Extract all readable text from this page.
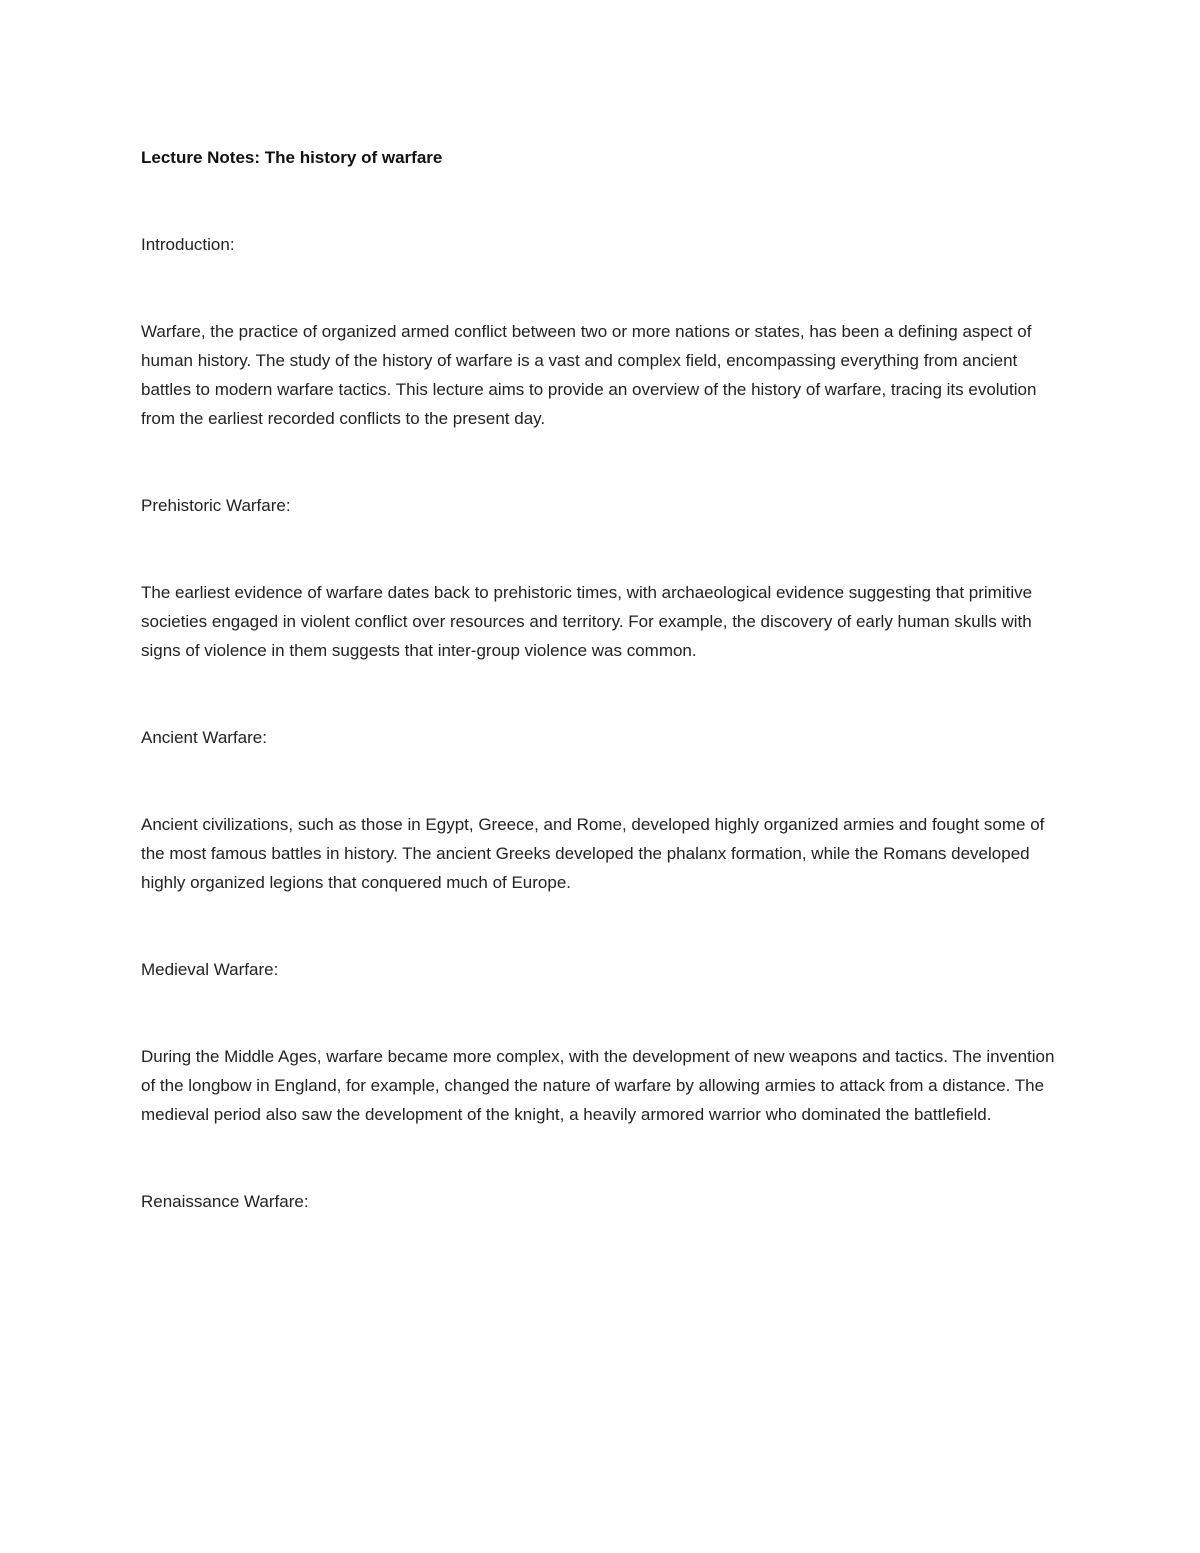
Lecture Notes: The history of warfare

Introduction:

Warfare, the practice of organized armed conflict between two or more nations or states, has been a defining aspect of human history. The study of the history of warfare is a vast and complex field, encompassing everything from ancient battles to modern warfare tactics. This lecture aims to provide an overview of the history of warfare, tracing its evolution from the earliest recorded conflicts to the present day.

Prehistoric Warfare:

The earliest evidence of warfare dates back to prehistoric times, with archaeological evidence suggesting that primitive societies engaged in violent conflict over resources and territory. For example, the discovery of early human skulls with signs of violence in them suggests that inter-group violence was common.

Ancient Warfare:

Ancient civilizations, such as those in Egypt, Greece, and Rome, developed highly organized armies and fought some of the most famous battles in history. The ancient Greeks developed the phalanx formation, while the Romans developed highly organized legions that conquered much of Europe.

Medieval Warfare:

During the Middle Ages, warfare became more complex, with the development of new weapons and tactics. The invention of the longbow in England, for example, changed the nature of warfare by allowing armies to attack from a distance. The medieval period also saw the development of the knight, a heavily armored warrior who dominated the battlefield.

Renaissance Warfare:
